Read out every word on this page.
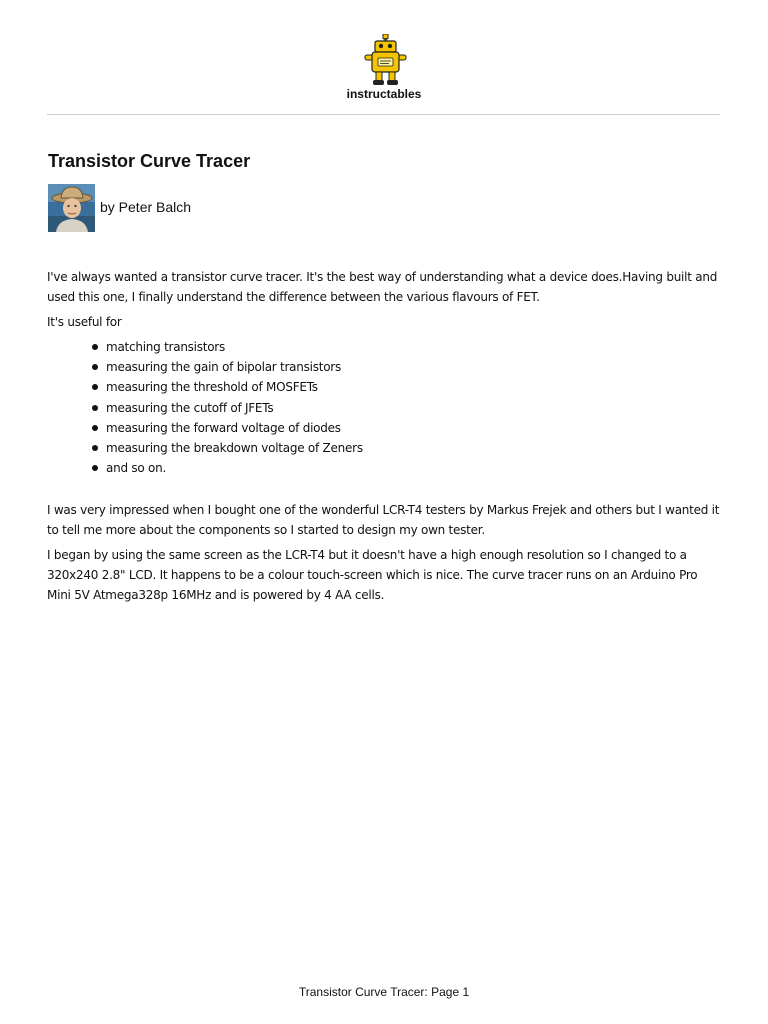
instructables
Transistor Curve Tracer
by Peter Balch

I've always wanted a transistor curve tracer. It's the best way of understanding what a device does.Having built and used this one, I finally understand the difference between the various flavours of FET.

It's useful for

matching transistors
measuring the gain of bipolar transistors
measuring the threshold of MOSFETs
measuring the cutoff of JFETs
measuring the forward voltage of diodes
measuring the breakdown voltage of Zeners
and so on.

I was very impressed when I bought one of the wonderful LCR-T4 testers by Markus Frejek and others but I wanted it to tell me more about the components so I started to design my own tester.

I began by using the same screen as the LCR-T4 but it doesn't have a high enough resolution so I changed to a 320x240 2.8" LCD. It happens to be a colour touch-screen which is nice. The curve tracer runs on an Arduino Pro Mini 5V Atmega328p 16MHz and is powered by 4 AA cells.

Transistor Curve Tracer: Page 1
